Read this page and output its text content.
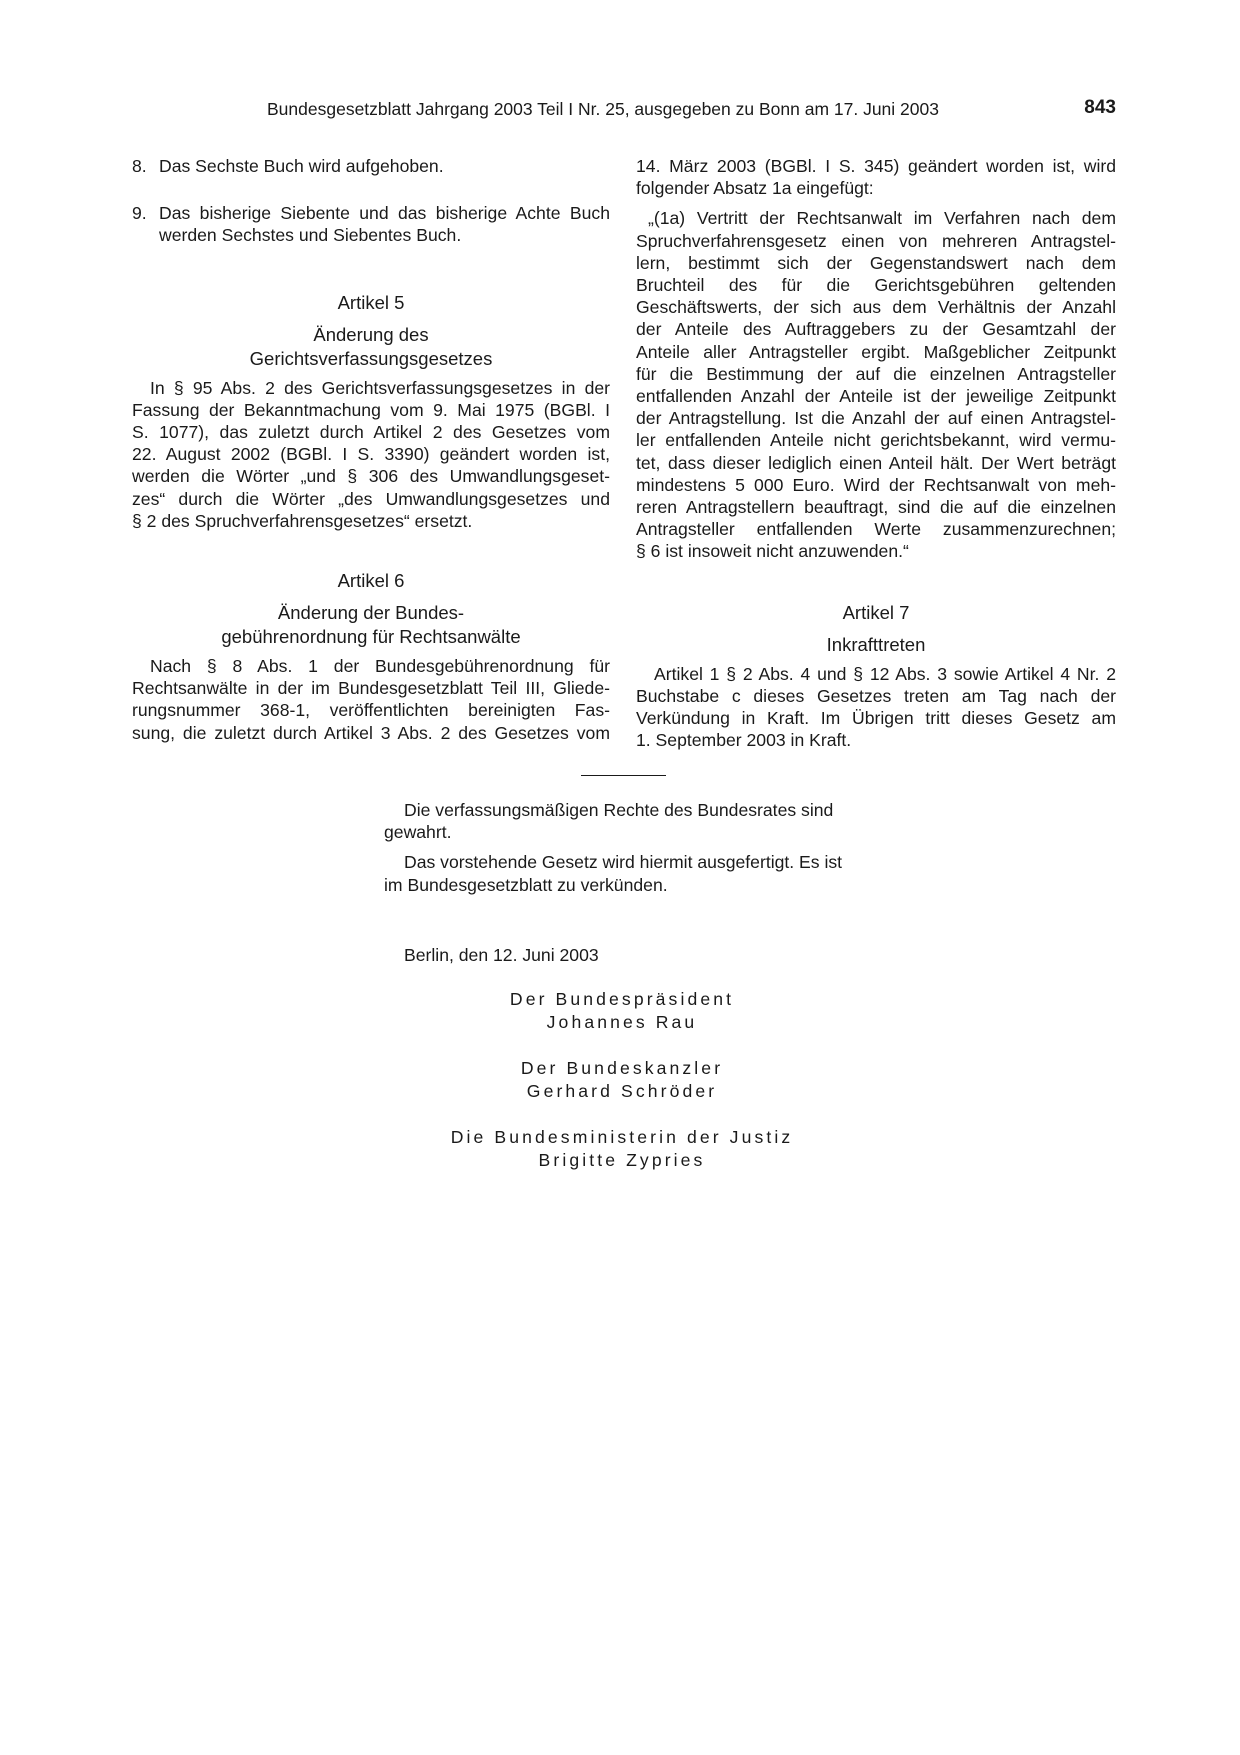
Bundesgesetzblatt Jahrgang 2003 Teil I Nr. 25, ausgegeben zu Bonn am 17. Juni 2003	843
8. Das Sechste Buch wird aufgehoben.
9. Das bisherige Siebente und das bisherige Achte Buch
werden Sechstes und Siebentes Buch.
Artikel 5
Änderung des
Gerichtsverfassungsgesetzes
In § 95 Abs. 2 des Gerichtsverfassungsgesetzes in der
Fassung der Bekanntmachung vom 9. Mai 1975 (BGBl. I
S. 1077), das zuletzt durch Artikel 2 des Gesetzes vom
22. August 2002 (BGBl. I S. 3390) geändert worden ist,
werden die Wörter „und § 306 des Umwandlungsgeset-
zes“ durch die Wörter „des Umwandlungsgesetzes und
§ 2 des Spruchverfahrensgesetzes“ ersetzt.
Artikel 6
Änderung der Bundes-
gebührenordnung für Rechtsanwälte
Nach § 8 Abs. 1 der Bundesgebührenordnung für
Rechtsanwälte in der im Bundesgesetzblatt Teil III, Gliede-
rungsnummer 368-1, veröffentlichten bereinigten Fas-
sung, die zuletzt durch Artikel 3 Abs. 2 des Gesetzes vom
14. März 2003 (BGBl. I S. 345) geändert worden ist, wird
folgender Absatz 1a eingefügt:
„(1a) Vertritt der Rechtsanwalt im Verfahren nach dem
Spruchverfahrensgesetz einen von mehreren Antragstel-
lern, bestimmt sich der Gegenstandswert nach dem
Bruchteil des für die Gerichtsgebühren geltenden
Geschäftswerts, der sich aus dem Verhältnis der Anzahl
der Anteile des Auftraggebers zu der Gesamtzahl der
Anteile aller Antragsteller ergibt. Maßgeblicher Zeitpunkt
für die Bestimmung der auf die einzelnen Antragsteller
entfallenden Anzahl der Anteile ist der jeweilige Zeitpunkt
der Antragstellung. Ist die Anzahl der auf einen Antragstel-
ler entfallenden Anteile nicht gerichtsbekannt, wird vermu-
tet, dass dieser lediglich einen Anteil hält. Der Wert beträgt
mindestens 5 000 Euro. Wird der Rechtsanwalt von meh-
reren Antragstellern beauftragt, sind die auf die einzelnen
Antragsteller entfallenden Werte zusammenzurechnen;
§ 6 ist insoweit nicht anzuwenden.“
Artikel 7
Inkrafttreten
Artikel 1 § 2 Abs. 4 und § 12 Abs. 3 sowie Artikel 4 Nr. 2
Buchstabe c dieses Gesetzes treten am Tag nach der
Verkündung in Kraft. Im Übrigen tritt dieses Gesetz am
1. September 2003 in Kraft.

Die verfassungsmäßigen Rechte des Bundesrates sind
gewahrt.

Das vorstehende Gesetz wird hiermit ausgefertigt. Es ist
im Bundesgesetzblatt zu verkünden.

Berlin, den 12. Juni 2003
Der Bundespräsident
Johannes Rau
Der Bundeskanzler
Gerhard Schröder
Die Bundesministerin der Justiz
Brigitte Zypries
